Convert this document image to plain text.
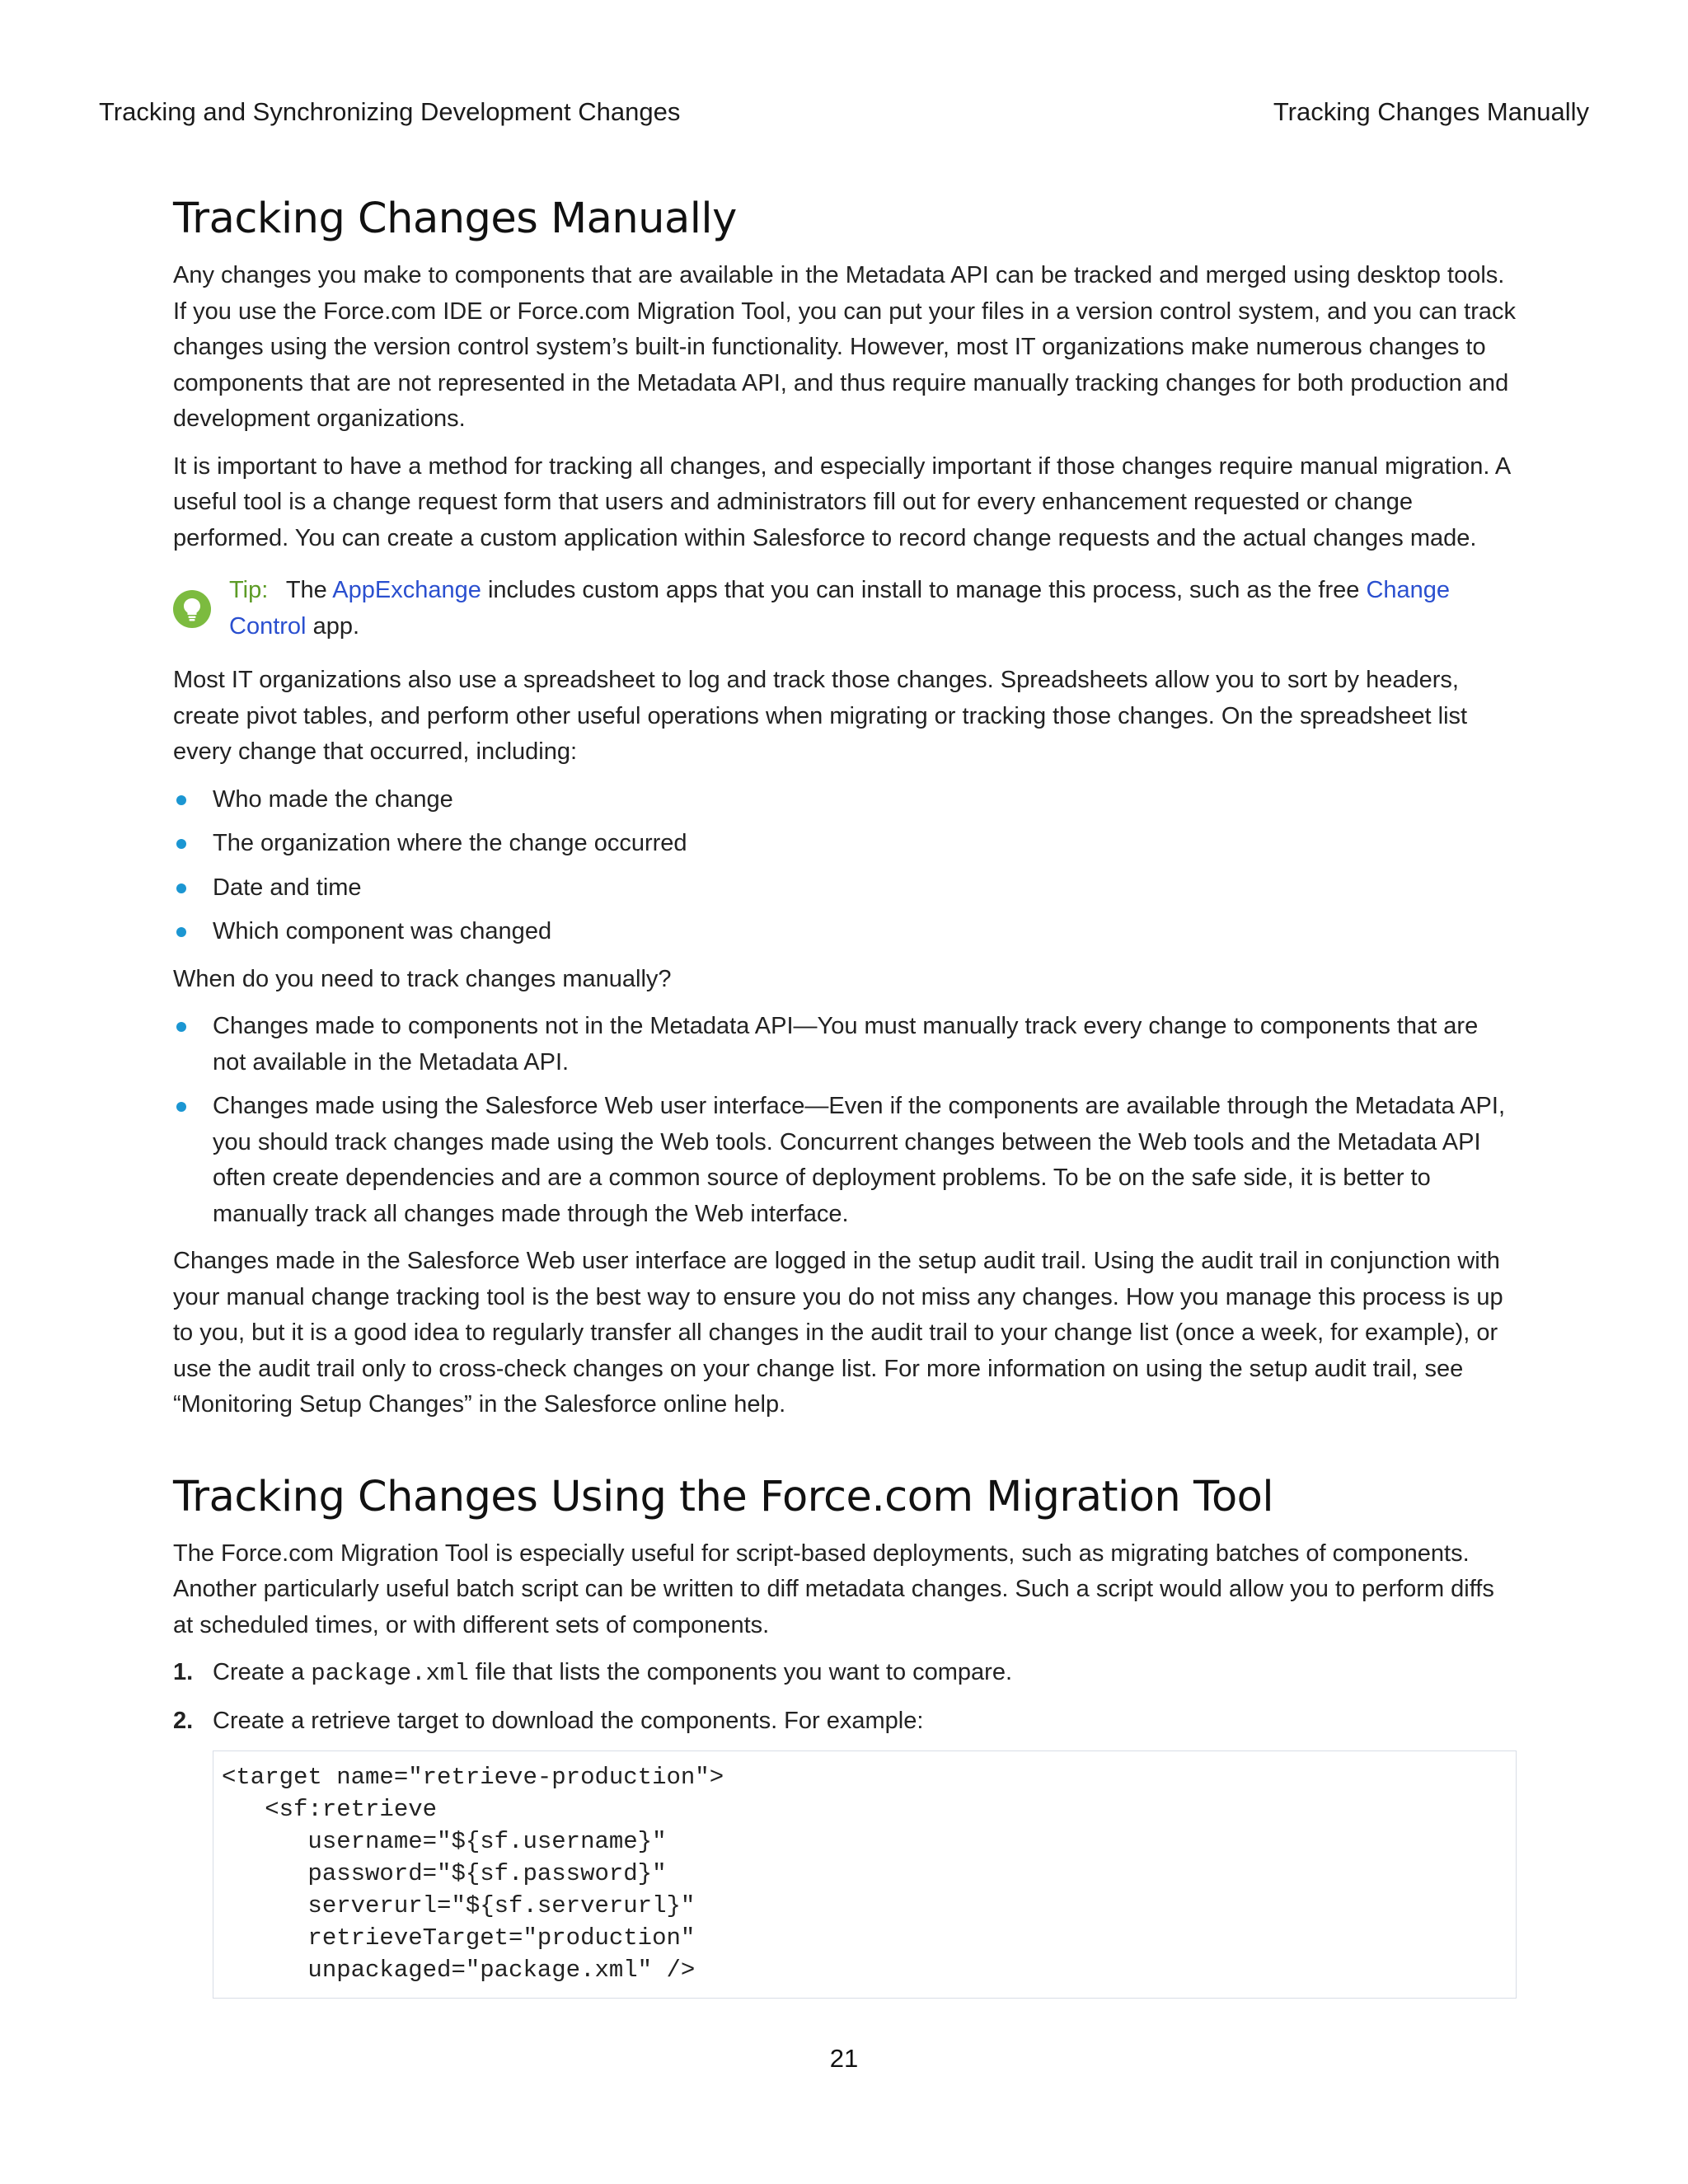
Tracking and Synchronizing Development Changes	Tracking Changes Manually
Tracking Changes Manually

Any changes you make to components that are available in the Metadata API can be tracked and merged using desktop tools. If you use the Force.com IDE or Force.com Migration Tool, you can put your files in a version control system, and you can track changes using the version control system’s built-in functionality. However, most IT organizations make numerous changes to components that are not represented in the Metadata API, and thus require manually tracking changes for both production and development organizations.

It is important to have a method for tracking all changes, and especially important if those changes require manual migration. A useful tool is a change request form that users and administrators fill out for every enhancement requested or change performed. You can create a custom application within Salesforce to record change requests and the actual changes made.

Tip: The AppExchange includes custom apps that you can install to manage this process, such as the free Change Control app.

Most IT organizations also use a spreadsheet to log and track those changes. Spreadsheets allow you to sort by headers, create pivot tables, and perform other useful operations when migrating or tracking those changes. On the spreadsheet list every change that occurred, including:

Who made the change
The organization where the change occurred
Date and time
Which component was changed

When do you need to track changes manually?

Changes made to components not in the Metadata API—You must manually track every change to components that are not available in the Metadata API.
Changes made using the Salesforce Web user interface—Even if the components are available through the Metadata API, you should track changes made using the Web tools. Concurrent changes between the Web tools and the Metadata API often create dependencies and are a common source of deployment problems. To be on the safe side, it is better to manually track all changes made through the Web interface.

Changes made in the Salesforce Web user interface are logged in the setup audit trail. Using the audit trail in conjunction with your manual change tracking tool is the best way to ensure you do not miss any changes. How you manage this process is up to you, but it is a good idea to regularly transfer all changes in the audit trail to your change list (once a week, for example), or use the audit trail only to cross-check changes on your change list. For more information on using the setup audit trail, see “Monitoring Setup Changes” in the Salesforce online help.

Tracking Changes Using the Force.com Migration Tool

The Force.com Migration Tool is especially useful for script-based deployments, such as migrating batches of components. Another particularly useful batch script can be written to diff metadata changes. Such a script would allow you to perform diffs at scheduled times, or with different sets of components.

1. Create a package.xml file that lists the components you want to compare.
2. Create a retrieve target to download the components. For example:
<target name="retrieve-production">
<sf:retrieve
username="${sf.username}"
password="${sf.password}"
serverurl="${sf.serverurl}"
retrieveTarget="production"
unpackaged="package.xml" />
21
